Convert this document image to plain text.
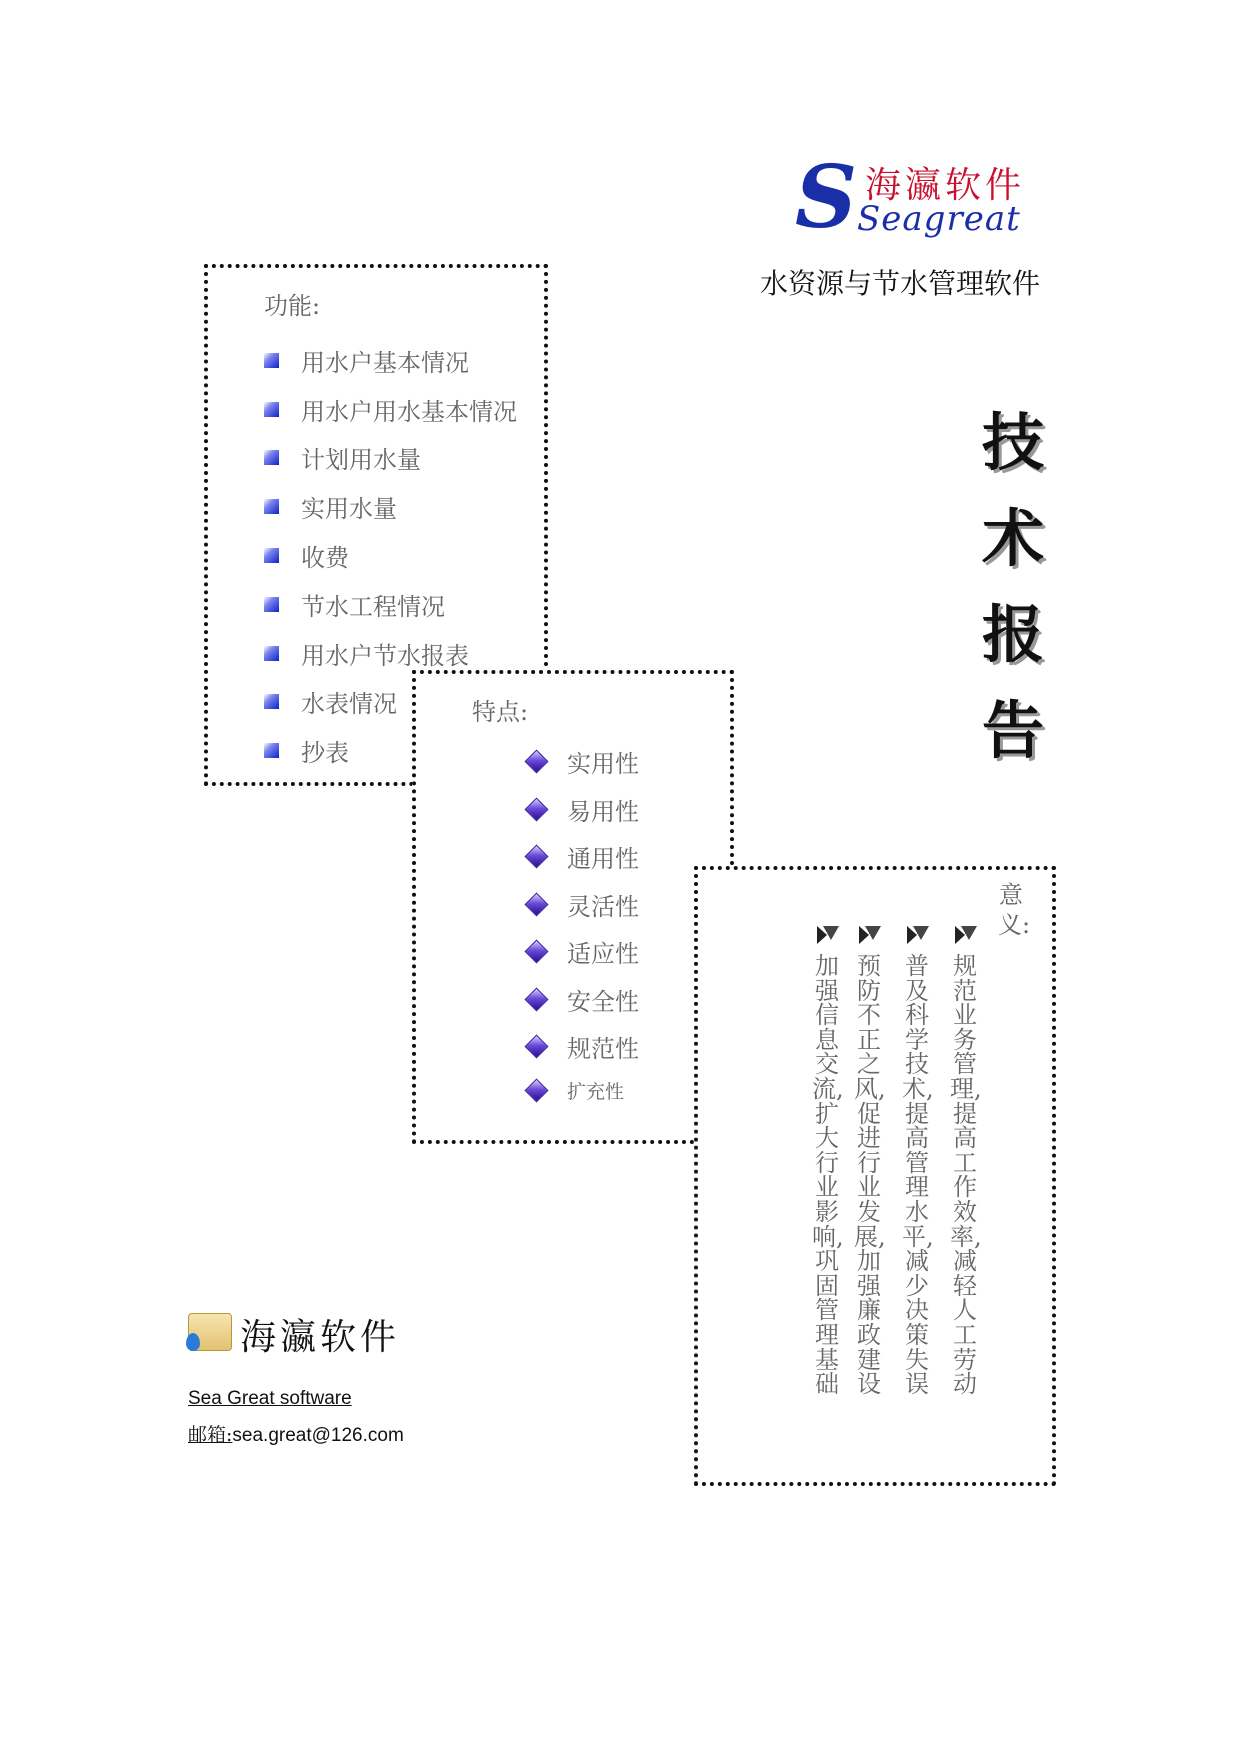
S 海瀛软件
Seagreat
水资源与节水管理软件
技
术
报
告
功能:
用水户基本情况
用水户用水基本情况
计划用水量
实用水量
收费
节水工程情况
用水户节水报表
水表情况
抄表
特点:
实用性
易用性
通用性
灵活性
适应性
安全性
规范性
扩充性
意义:
规范业务管理,提高工作效率,减轻人工劳动
普及科学技术,提高管理水平,减少决策失误
预防不正之风,促进行业发展,加强廉政建设
加强信息交流,扩大行业影响,巩固管理基础
海瀛软件
Sea Great software
邮箱:sea.great@126.com
